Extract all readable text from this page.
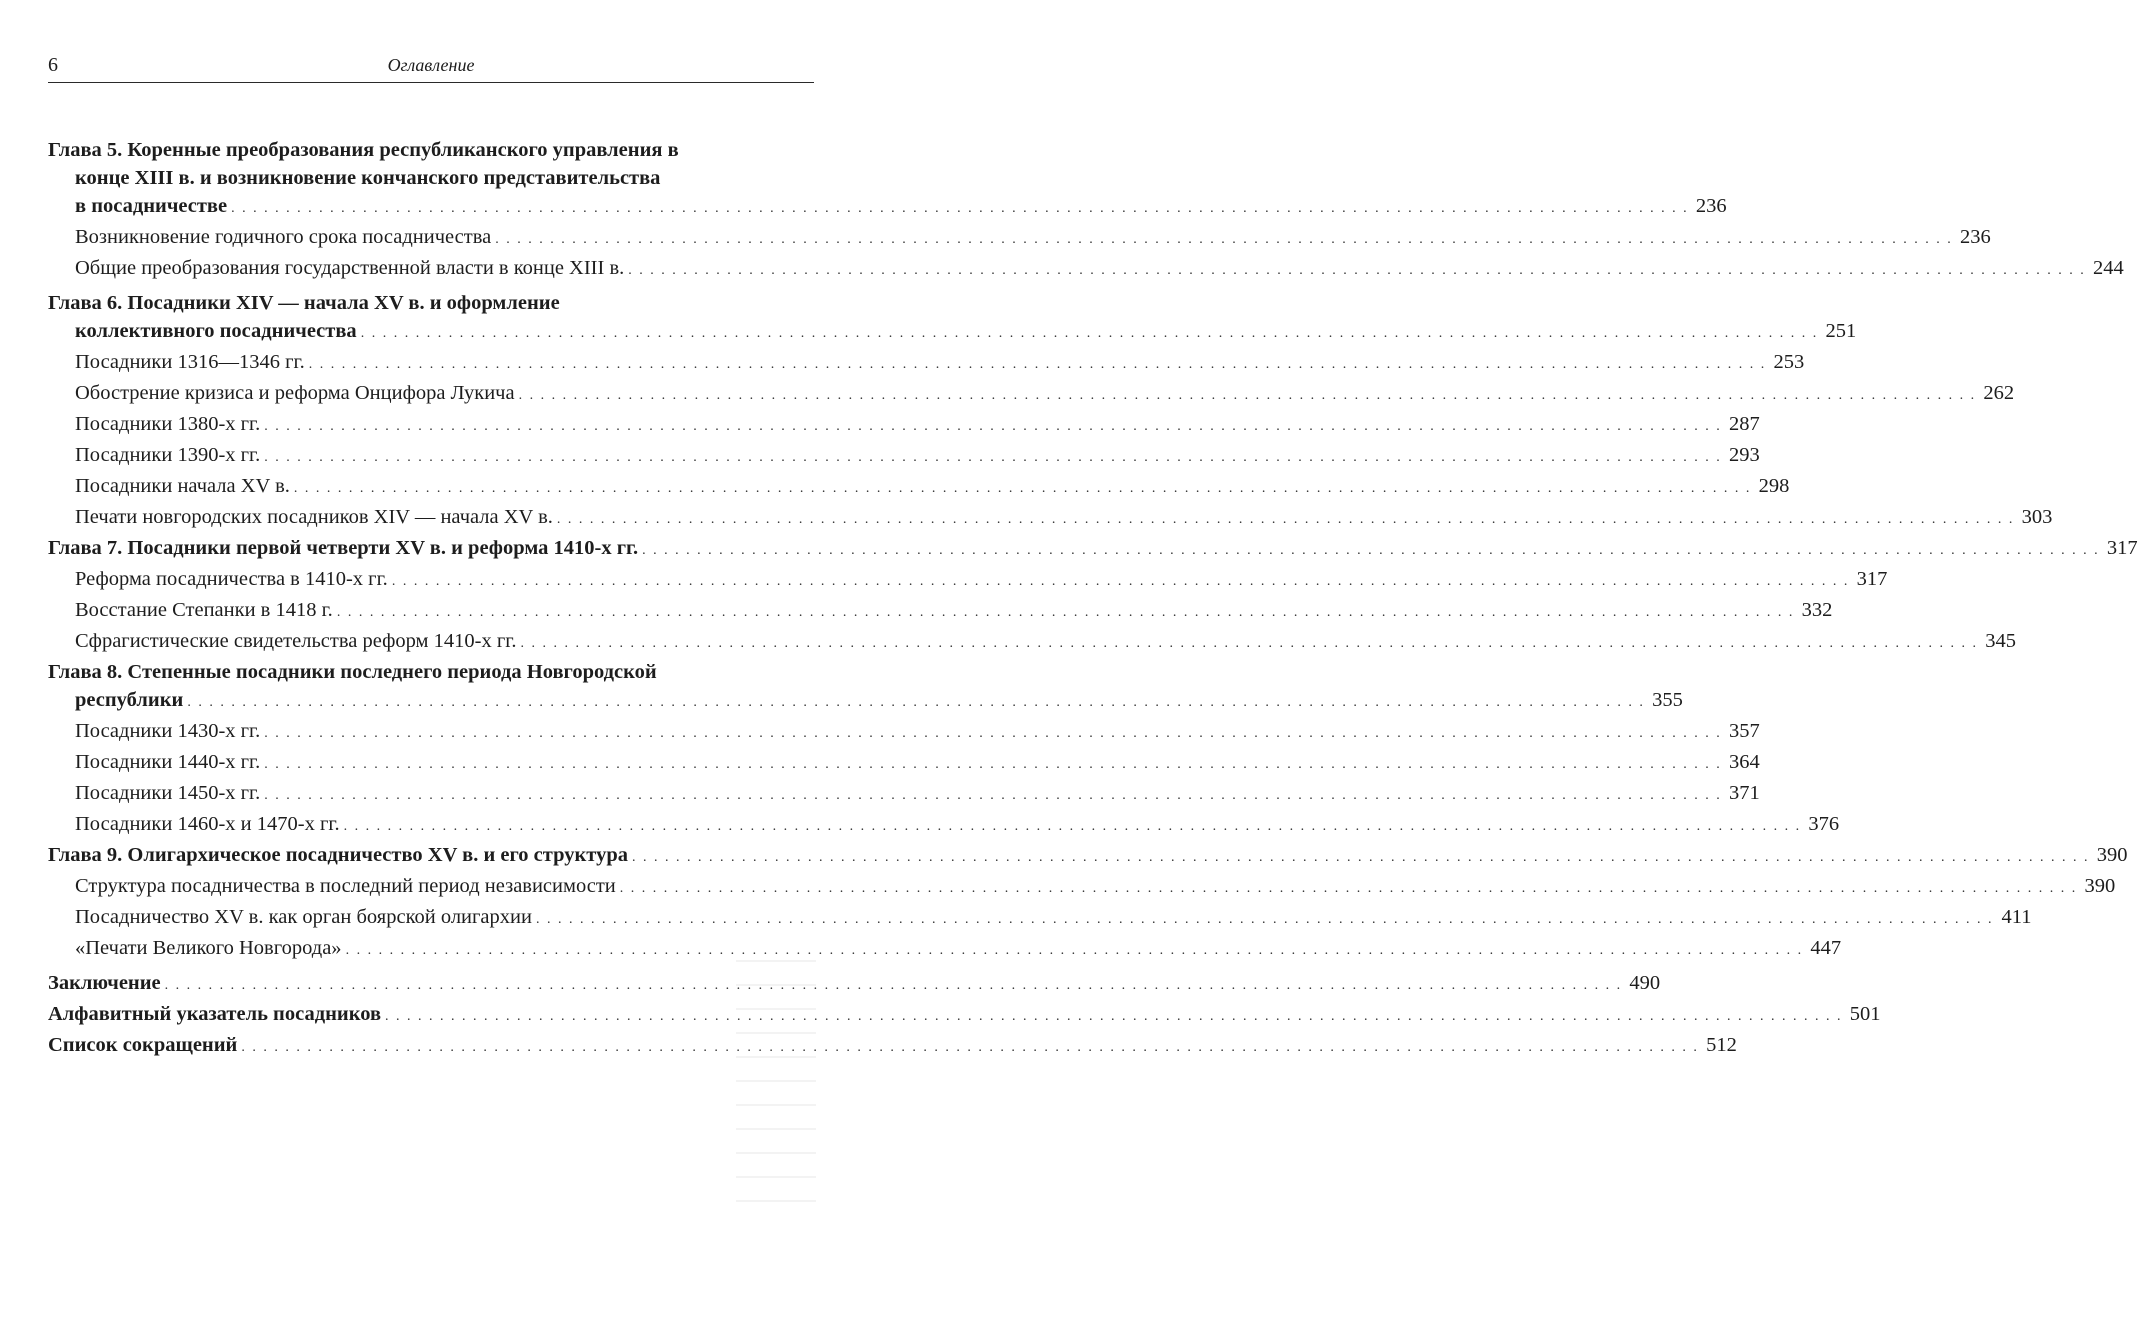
6	Оглавление
Глава 5. Коренные преобразования республиканского управления в
конце XIII в. и возникновение кончанского представительства
в посадничестве . . .	236
Возникновение годичного срока посадничества . . .	236
Общие преобразования государственной власти в конце XIII в. . . .	244
Глава 6. Посадники XIV — начала XV в. и оформление
коллективного посадничества . . .	251
Посадники 1316—1346 гг. . . .	253
Обострение кризиса и реформа Онцифора Лукича . . .	262
Посадники 1380-х гг. . . .	287
Посадники 1390-х гг. . . .	293
Посадники начала XV в. . . .	298
Печати новгородских посадников XIV — начала XV в. . . .	303
Глава 7. Посадники первой четверти XV в. и реформа 1410-х гг. . . .	317
Реформа посадничества в 1410-х гг. . . .	317
Восстание Степанки в 1418 г. . . .	332
Сфрагистические свидетельства реформ 1410-х гг. . . .	345
Глава 8. Степенные посадники последнего периода Новгородской
республики . . .	355
Посадники 1430-х гг. . . .	357
Посадники 1440-х гг. . . .	364
Посадники 1450-х гг. . . .	371
Посадники 1460-х и 1470-х гг. . . .	376
Глава 9. Олигархическое посадничество XV в. и его структура . . .	390
Структура посадничества в последний период независимости . . .	390
Посадничество XV в. как орган боярской олигархии . . .	411
«Печати Великого Новгорода» . . .	447
Заключение . . .	490
Алфавитный указатель посадников . . .	501
Список сокращений . . .	512
